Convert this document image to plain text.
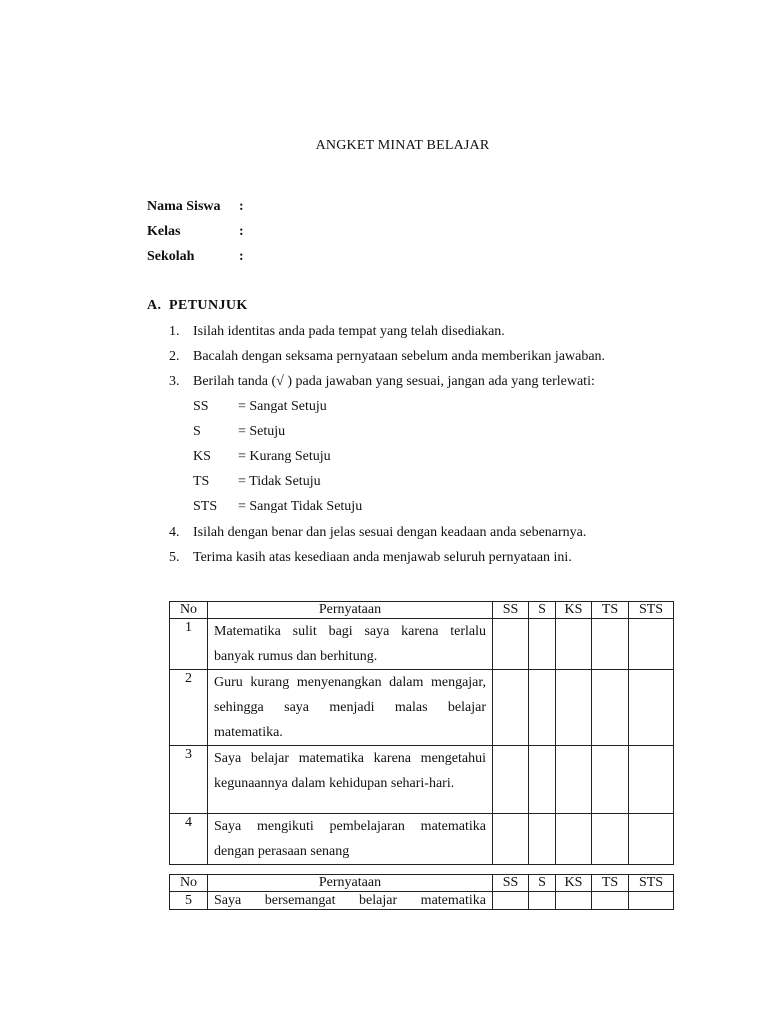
ANGKET MINAT BELAJAR
Nama Siswa :
Kelas	:
Sekolah	:
A. PETUNJUK
1. Isilah identitas anda pada tempat yang telah disediakan.
2. Bacalah dengan seksama pernyataan sebelum anda memberikan jawaban.
3. Berilah tanda (√ ) pada jawaban yang sesuai, jangan ada yang terlewati:
SS = Sangat Setuju
S	= Setuju
KS = Kurang Setuju
TS = Tidak Setuju
STS = Sangat Tidak Setuju
4. Isilah dengan benar dan jelas sesuai dengan keadaan anda sebenarnya.
5. Terima kasih atas kesediaan anda menjawab seluruh pernyataan ini.
No	Pernyataan	SS	S	KS	TS	STS
1	Matematika sulit bagi saya karena terlalu banyak rumus dan berhitung.					
2	Guru kurang menyenangkan dalam mengajar, sehingga saya menjadi malas belajar matematika.					
3	Saya belajar matematika karena mengetahui kegunaannya dalam kehidupan sehari-hari.					
4	Saya mengikuti pembelajaran matematika dengan perasaan senang					
No	Pernyataan	SS	S	KS	TS	STS
5	Saya bersemangat belajar matematika					
